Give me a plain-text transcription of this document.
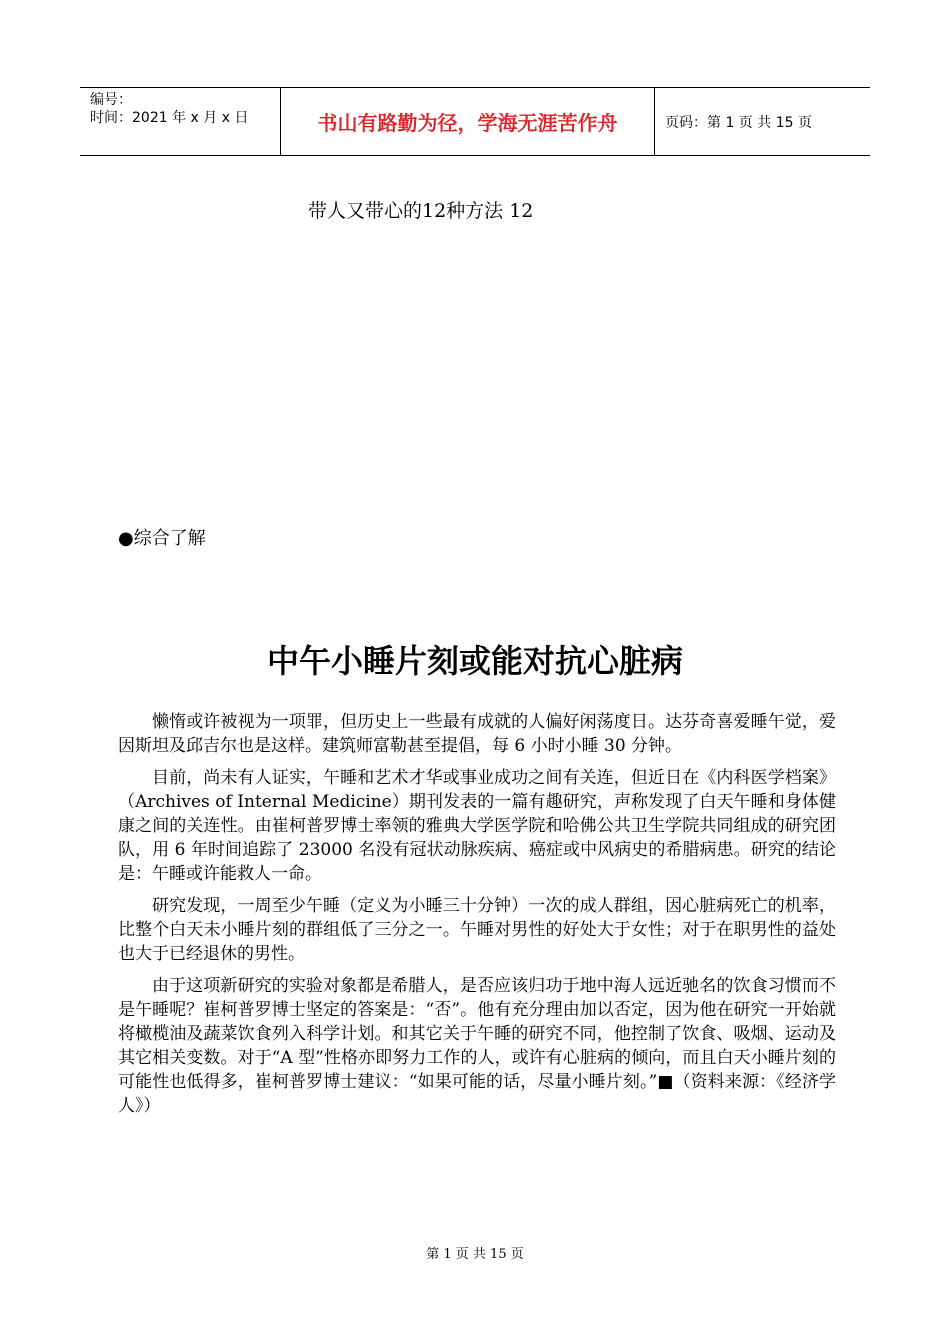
编号：
时间：2021 年 x 月 x 日	书山有路勤为径，学海无涯苦作舟	页码：第 1 页 共 15 页
带人又带心的12种方法 12
●综合了解
中午小睡片刻或能对抗心脏病

懒惰或许被视为一项罪，但历史上一些最有成就的人偏好闲荡度日。达芬奇喜爱睡午觉，爱因斯坦及邱吉尔也是这样。建筑师富勒甚至提倡，每 6 小时小睡 30 分钟。

目前，尚未有人证实，午睡和艺术才华或事业成功之间有关连，但近日在《内科医学档案》（Archives of Internal Medicine）期刊发表的一篇有趣研究，声称发现了白天午睡和身体健康之间的关连性。由崔柯普罗博士率领的雅典大学医学院和哈佛公共卫生学院共同组成的研究团队，用 6 年时间追踪了 23000 名没有冠状动脉疾病、癌症或中风病史的希腊病患。研究的结论是：午睡或许能救人一命。

研究发现，一周至少午睡（定义为小睡三十分钟）一次的成人群组，因心脏病死亡的机率，比整个白天未小睡片刻的群组低了三分之一。午睡对男性的好处大于女性；对于在职男性的益处也大于已经退休的男性。

由于这项新研究的实验对象都是希腊人，是否应该归功于地中海人远近驰名的饮食习惯而不是午睡呢？崔柯普罗博士坚定的答案是：“否”。他有充分理由加以否定，因为他在研究一开始就将橄榄油及蔬菜饮食列入科学计划。和其它关于午睡的研究不同，他控制了饮食、吸烟、运动及其它相关变数。对于“A 型”性格亦即努力工作的人，或许有心脏病的倾向，而且白天小睡片刻的可能性也低得多，崔柯普罗博士建议：“如果可能的话，尽量小睡片刻。”■（资料来源：《经济学人》）

第 1 页 共 15 页
